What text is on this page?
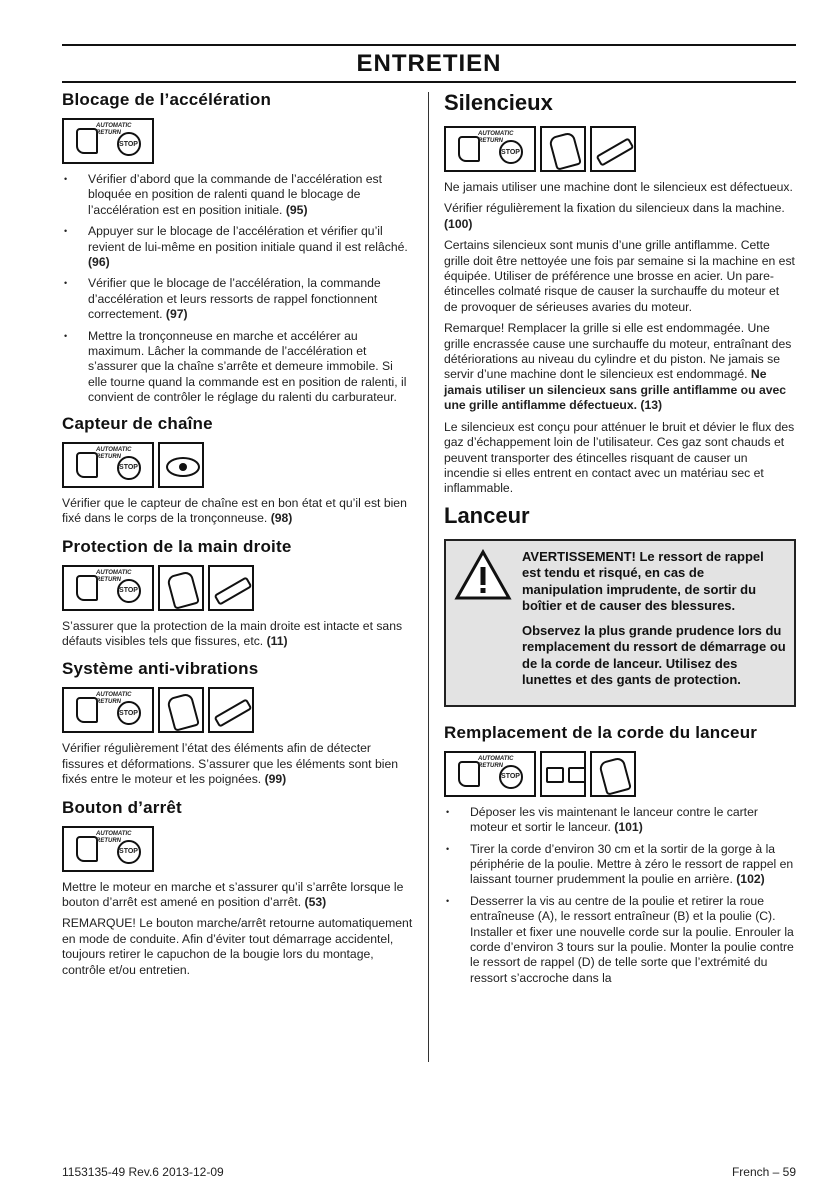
ENTRETIEN
Blocage de l’accélération
AUTOMATIC RETURN
STOP
• Vérifier d’abord que la commande de l’accélération est bloquée en position de ralenti quand le blocage de l’accélération est en position initiale. (95)
• Appuyer sur le blocage de l’accélération et vérifier qu’il revient de lui-même en position initiale quand il est relâché. (96)
• Vérifier que le blocage de l’accélération, la commande d’accélération et leurs ressorts de rappel fonctionnent correctement. (97)
• Mettre la tronçonneuse en marche et accélérer au maximum. Lâcher la commande de l’accélération et s’assurer que la chaîne s’arrête et demeure immobile. Si elle tourne quand la commande est en position de ralenti, il convient de contrôler le réglage du ralenti du carburateur.
Capteur de chaîne
AUTOMATIC RETURN
STOP

Vérifier que le capteur de chaîne est en bon état et qu’il est bien fixé dans le corps de la tronçonneuse. (98)

Protection de la main droite
AUTOMATIC RETURN
STOP

S’assurer que la protection de la main droite est intacte et sans défauts visibles tels que fissures, etc. (11)

Système anti-vibrations
AUTOMATIC RETURN
STOP

Vérifier régulièrement l’état des éléments afin de détecter fissures et déformations. S’assurer que les éléments sont bien fixés entre le moteur et les poignées. (99)

Bouton d’arrêt
AUTOMATIC RETURN
STOP

Mettre le moteur en marche et s’assurer qu’il s’arrête lorsque le bouton d’arrêt est amené en position d’arrêt. (53)

REMARQUE! Le bouton marche/arrêt retourne automatiquement en mode de conduite. Afin d’éviter tout démarrage accidentel, toujours retirer le capuchon de la bougie lors du montage, contrôle et/ou entretien.

Silencieux
AUTOMATIC RETURN
STOP

Ne jamais utiliser une machine dont le silencieux est défectueux.

Vérifier régulièrement la fixation du silencieux dans la machine. (100)

Certains silencieux sont munis d’une grille antiflamme. Cette grille doit être nettoyée une fois par semaine si la machine en est équipée. Utiliser de préférence une brosse en acier. Un pare-étincelles colmaté risque de causer la surchauffe du moteur et de provoquer de sérieuses avaries du moteur.

Remarque! Remplacer la grille si elle est endommagée. Une grille encrassée cause une surchauffe du moteur, entraînant des détériorations au niveau du cylindre et du piston. Ne jamais se servir d’une machine dont le silencieux est endommagé. Ne jamais utiliser un silencieux sans grille antiflamme ou avec une grille antiflamme défectueux. (13)

Le silencieux est conçu pour atténuer le bruit et dévier le flux des gaz d’échappement loin de l’utilisateur. Ces gaz sont chauds et peuvent transporter des étincelles risquant de causer un incendie si elles entrent en contact avec un matériau sec et inflammable.

Lanceur

AVERTISSEMENT! Le ressort de rappel est tendu et risqué, en cas de manipulation imprudente, de sortir du boîtier et de causer des blessures.

Observez la plus grande prudence lors du remplacement du ressort de démarrage ou de la corde de lanceur. Utilisez des lunettes et des gants de protection.

Remplacement de la corde du lanceur
AUTOMATIC RETURN
STOP
• Déposer les vis maintenant le lanceur contre le carter moteur et sortir le lanceur. (101)
• Tirer la corde d’environ 30 cm et la sortir de la gorge à la périphérie de la poulie. Mettre à zéro le ressort de rappel en laissant tourner prudemment la poulie en arrière. (102)
• Desserrer la vis au centre de la poulie et retirer la roue entraîneuse (A), le ressort entraîneur (B) et la poulie (C). Installer et fixer une nouvelle corde sur la poulie. Enrouler la corde d’environ 3 tours sur la poulie. Monter la poulie contre le ressort de rappel (D) de telle sorte que l’extrémité du ressort s’accroche dans la
1153135-49 Rev.6 2013-12-09	French – 59
